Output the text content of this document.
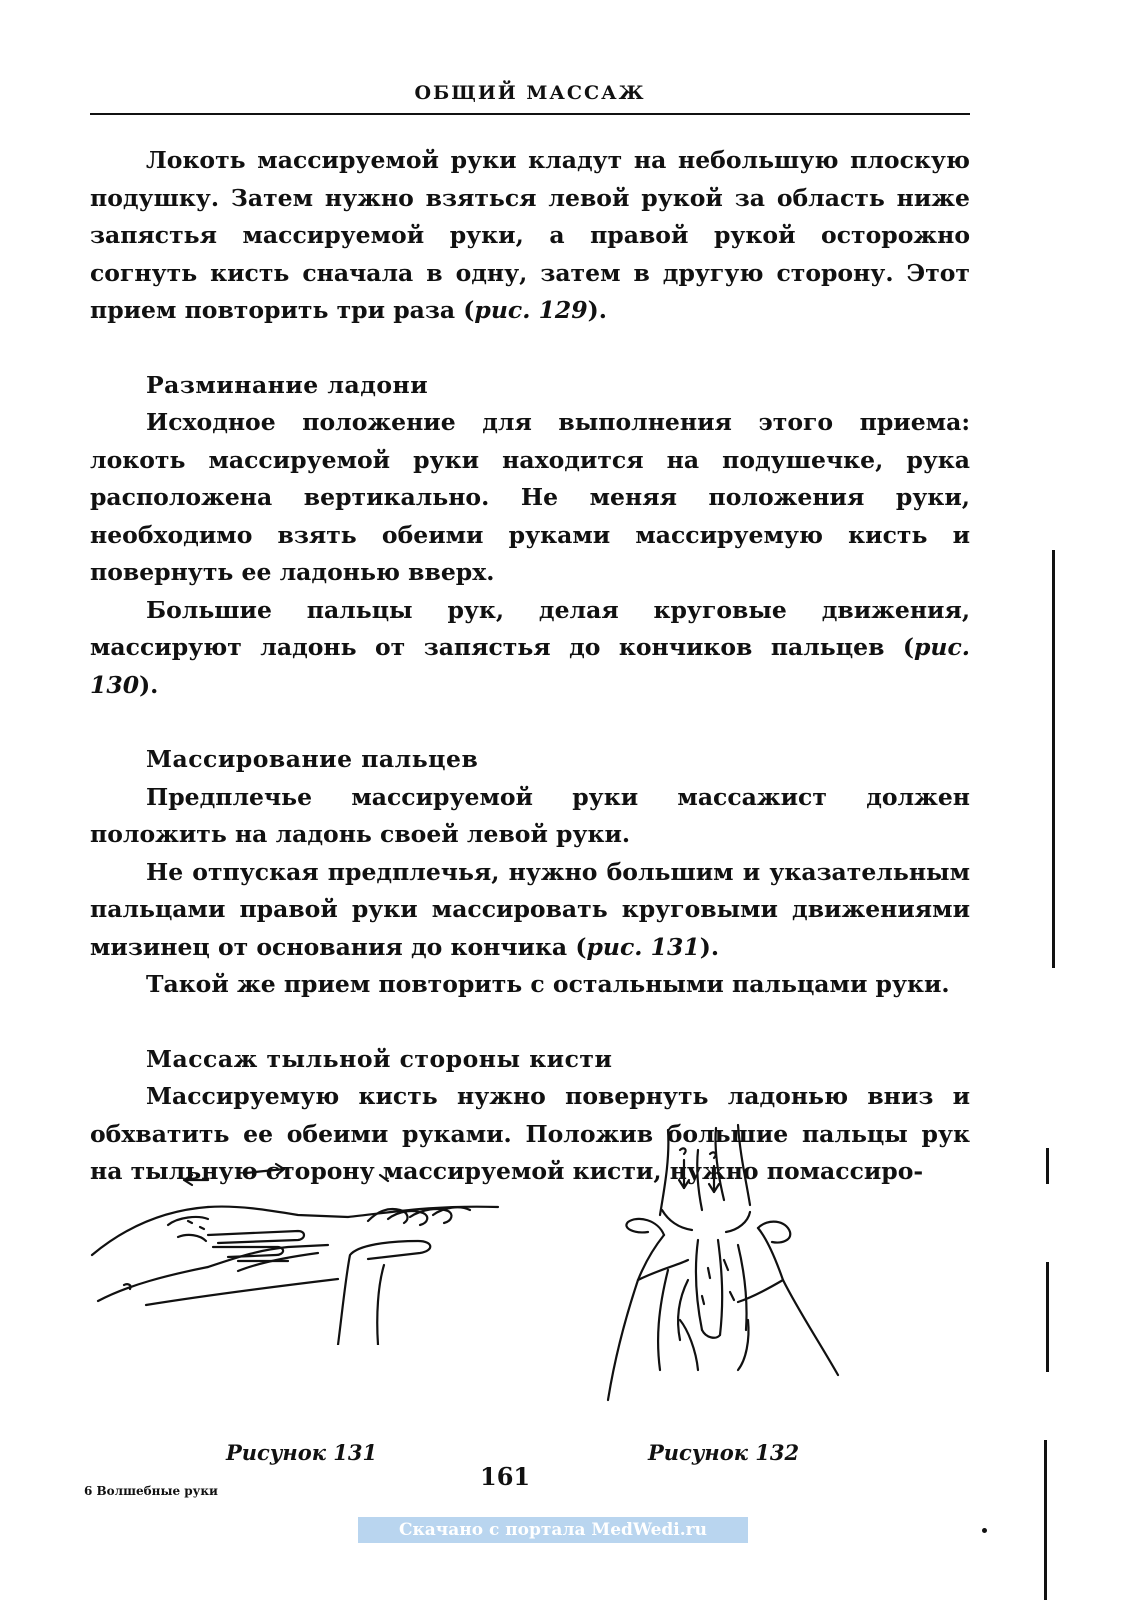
ОБЩИЙ МАССАЖ

Локоть массируемой руки кладут на небольшую плоскую подушку. Затем нужно взяться левой рукой за область ниже запястья массируемой руки, а правой рукой осторожно согнуть кисть сначала в одну, затем в другую сторону. Этот прием повторить три раза (рис. 129).

Разминание ладони

Исходное положение для выполнения этого приема: локоть массируемой руки находится на подушечке, рука расположена вертикально. Не меняя положения руки, необходимо взять обеими руками массируемую кисть и повернуть ее ладонью вверх.

Большие пальцы рук, делая круговые движения, массируют ладонь от запястья до кончиков пальцев (рис. 130).

Массирование пальцев

Предплечье массируемой руки массажист должен положить на ладонь своей левой руки.

Не отпуская предплечья, нужно большим и указательным пальцами правой руки массировать круговыми движениями мизинец от основания до кончика (рис. 131).

Такой же прием повторить с остальными пальцами руки.

Массаж тыльной стороны кисти

Массируемую кисть нужно повернуть ладонью вниз и обхватить ее обеими руками. Положив большие пальцы рук на тыльную сторону массируемой кисти, нужно помассиро-

Рисунок 131	Рисунок 132
6 Волшебные руки	161
Скачано с портала MedWedi.ru
